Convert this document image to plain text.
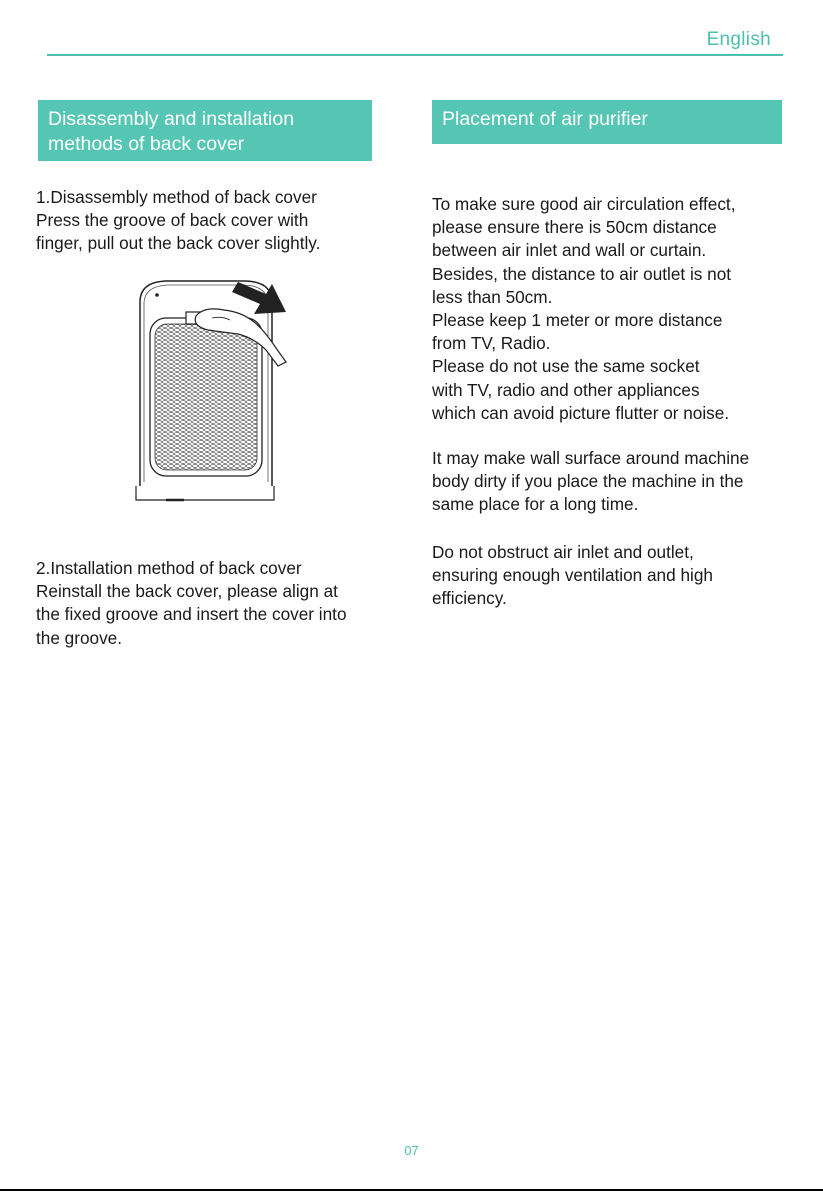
English
Disassembly and installation
methods of back cover
Placement of air purifier
1.Disassembly method of back cover
Press the groove of back cover with
finger, pull out the back cover slightly.
2.Installation method of back cover
Reinstall the back cover, please align at
the fixed groove and insert the cover into
the groove.
To make sure good air circulation effect,
please ensure there is 50cm distance
between air inlet and wall or curtain.
Besides, the distance to air outlet is not
less than 50cm.
Please keep 1 meter or more distance
from TV, Radio.
Please do not use the same socket
with TV, radio and other appliances
which can avoid picture flutter or noise.
It may make wall surface around machine
body dirty if you place the machine in the
same place for a long time.
Do not obstruct air inlet and outlet,
ensuring enough ventilation and high
efficiency.
07
